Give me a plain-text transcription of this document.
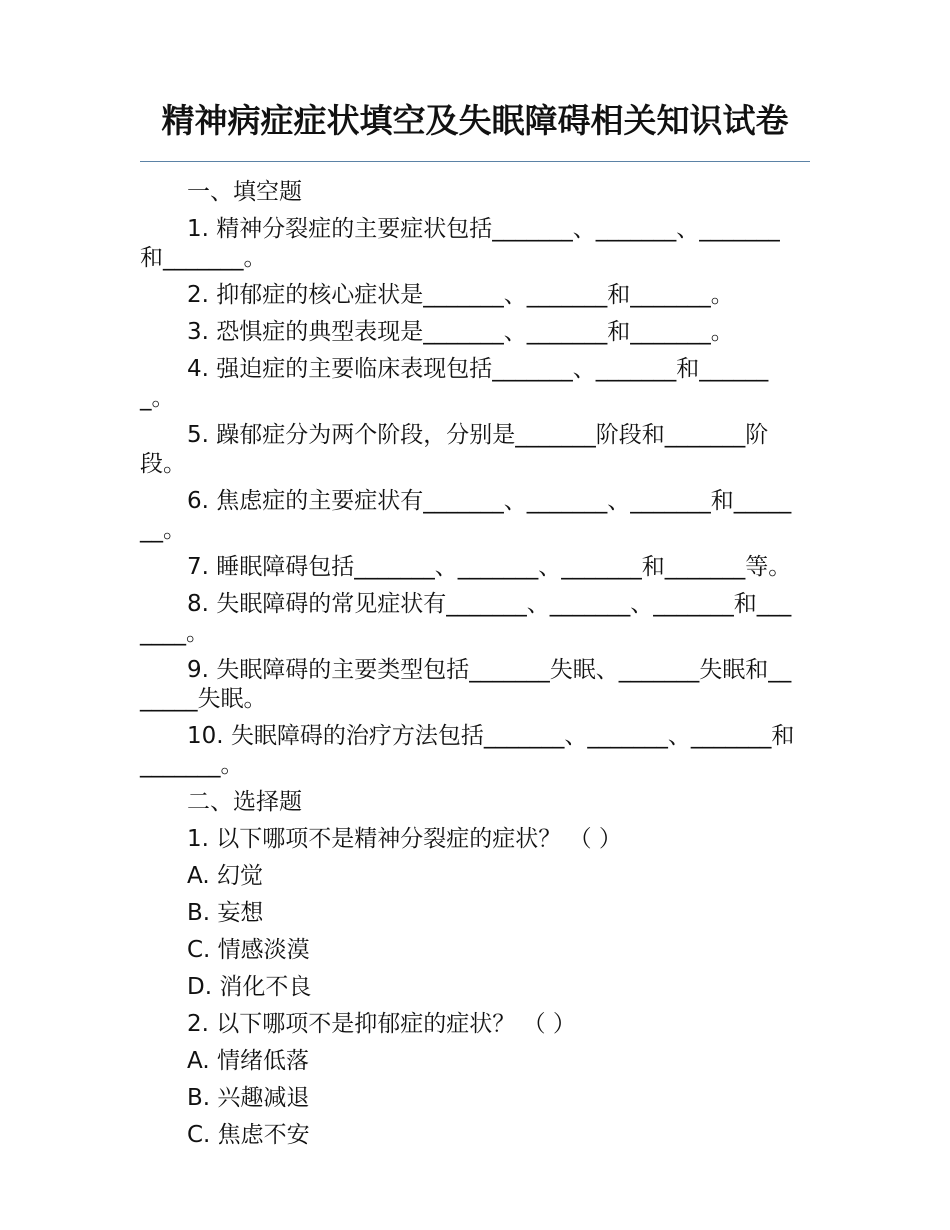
精神病症症状填空及失眠障碍相关知识试卷

一、填空题

1. 精神分裂症的主要症状包括_______、_______、_______和_______。

2. 抑郁症的核心症状是_______、_______和_______。

3. 恐惧症的典型表现是_______、_______和_______。

4. 强迫症的主要临床表现包括_______、_______和_______。

5. 躁郁症分为两个阶段，分别是_______阶段和_______阶段。

6. 焦虑症的主要症状有_______、_______、_______和_______。

7. 睡眠障碍包括_______、_______、_______和_______等。

8. 失眠障碍的常见症状有_______、_______、_______和_______。

9. 失眠障碍的主要类型包括_______失眠、_______失眠和_______失眠。

10. 失眠障碍的治疗方法包括_______、_______、_______和_______。

二、选择题

1. 以下哪项不是精神分裂症的症状？ （ ）

A. 幻觉

B. 妄想

C. 情感淡漠

D. 消化不良

2. 以下哪项不是抑郁症的症状？ （ ）

A. 情绪低落

B. 兴趣减退

C. 焦虑不安
